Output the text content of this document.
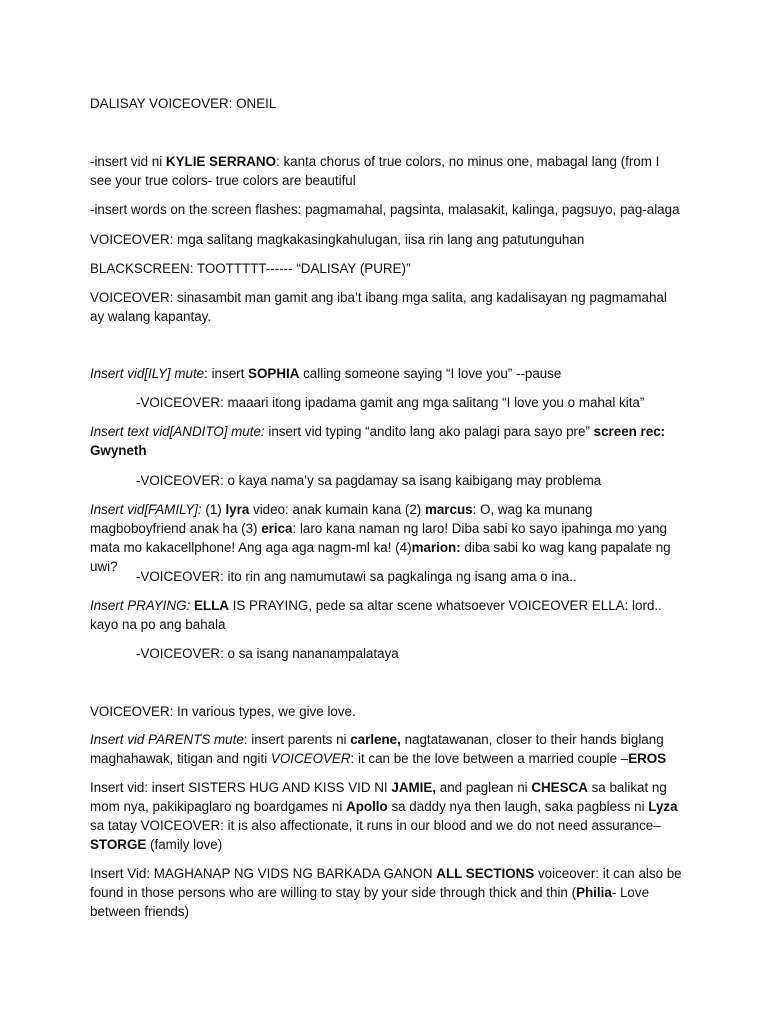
DALISAY VOICEOVER: ONEIL

-insert vid ni KYLIE SERRANO: kanta chorus of true colors, no minus one, mabagal lang (from I see your true colors- true colors are beautiful

-insert words on the screen flashes: pagmamahal, pagsinta, malasakit, kalinga, pagsuyo, pag-alaga

VOICEOVER: mga salitang magkakasingkahulugan, iisa rin lang ang patutunguhan

BLACKSCREEN: TOOTTTTT------ “DALISAY (PURE)”

VOICEOVER: sinasambit man gamit ang iba’t ibang mga salita, ang kadalisayan ng pagmamahal ay walang kapantay.

Insert vid[ILY] mute: insert SOPHIA calling someone saying “I love you” --pause

-VOICEOVER: maaari itong ipadama gamit ang mga salitang “I love you o mahal kita”

Insert text vid[ANDITO] mute: insert vid typing “andito lang ako palagi para sayo pre” screen rec: Gwyneth

-VOICEOVER: o kaya nama’y sa pagdamay sa isang kaibigang may problema

Insert vid[FAMILY]: (1) lyra video: anak kumain kana (2) marcus: O, wag ka munang magboboyfriend anak ha (3) erica: laro kana naman ng laro! Diba sabi ko sayo ipahinga mo yang mata mo kakacellphone! Ang aga aga nagm-ml ka! (4)marion: diba sabi ko wag kang papalate ng uwi?

-VOICEOVER: ito rin ang namumutawi sa pagkalinga ng isang ama o ina..

Insert PRAYING: ELLA IS PRAYING, pede sa altar scene whatsoever VOICEOVER ELLA: lord.. kayo na po ang bahala

-VOICEOVER: o sa isang nananampalataya

VOICEOVER: In various types, we give love.

Insert vid PARENTS mute: insert parents ni carlene, nagtatawanan, closer to their hands biglang maghahawak, titigan and ngiti VOICEOVER: it can be the love between a married couple –EROS

Insert vid: insert SISTERS HUG AND KISS VID NI JAMIE, and paglean ni CHESCA sa balikat ng mom nya, pakikipaglaro ng boardgames ni Apollo sa daddy nya then laugh, saka pagbless ni Lyza sa tatay VOICEOVER: it is also affectionate, it runs in our blood and we do not need assurance– STORGE (family love)

Insert Vid: MAGHANAP NG VIDS NG BARKADA GANON ALL SECTIONS voiceover: it can also be found in those persons who are willing to stay by your side through thick and thin (Philia- Love between friends)
